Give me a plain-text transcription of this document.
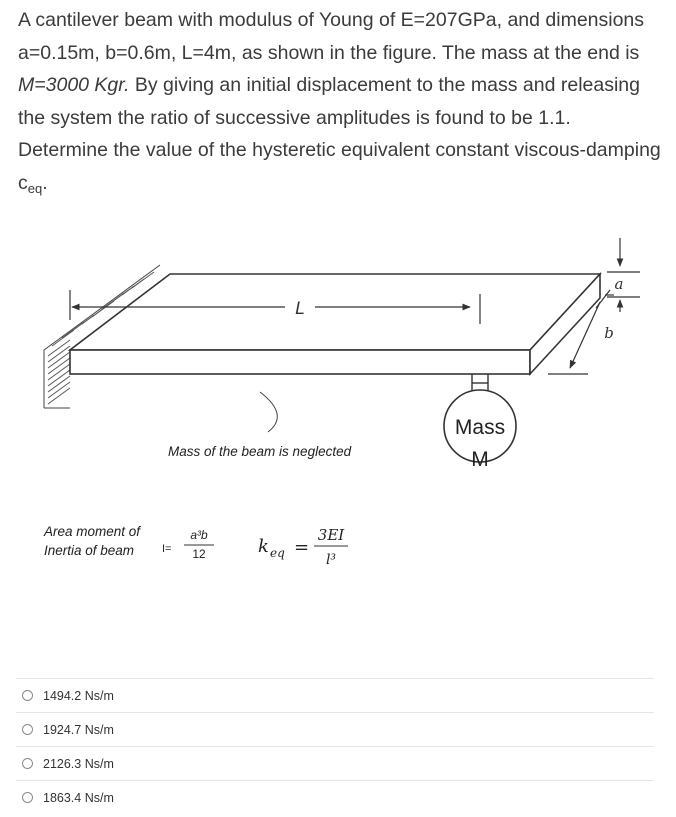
A cantilever beam with modulus of Young of E=207GPa, and dimensions a=0.15m, b=0.6m, L=4m, as shown in the figure. The mass at the end is M=3000 Kgr. By giving an initial displacement to the mass and releasing the system the ratio of successive amplitudes is found to be 1.1. Determine the value of the hysteretic equivalent constant viscous-damping $c_{eq}$.
L
a
b
Mass
M
Mass of the beam is neglected
Area moment of
Inertia of beam	I=
a³b
12	k eq =
3EI
l³
1494.2 Ns/m
1924.7 Ns/m
2126.3 Ns/m
1863.4 Ns/m
